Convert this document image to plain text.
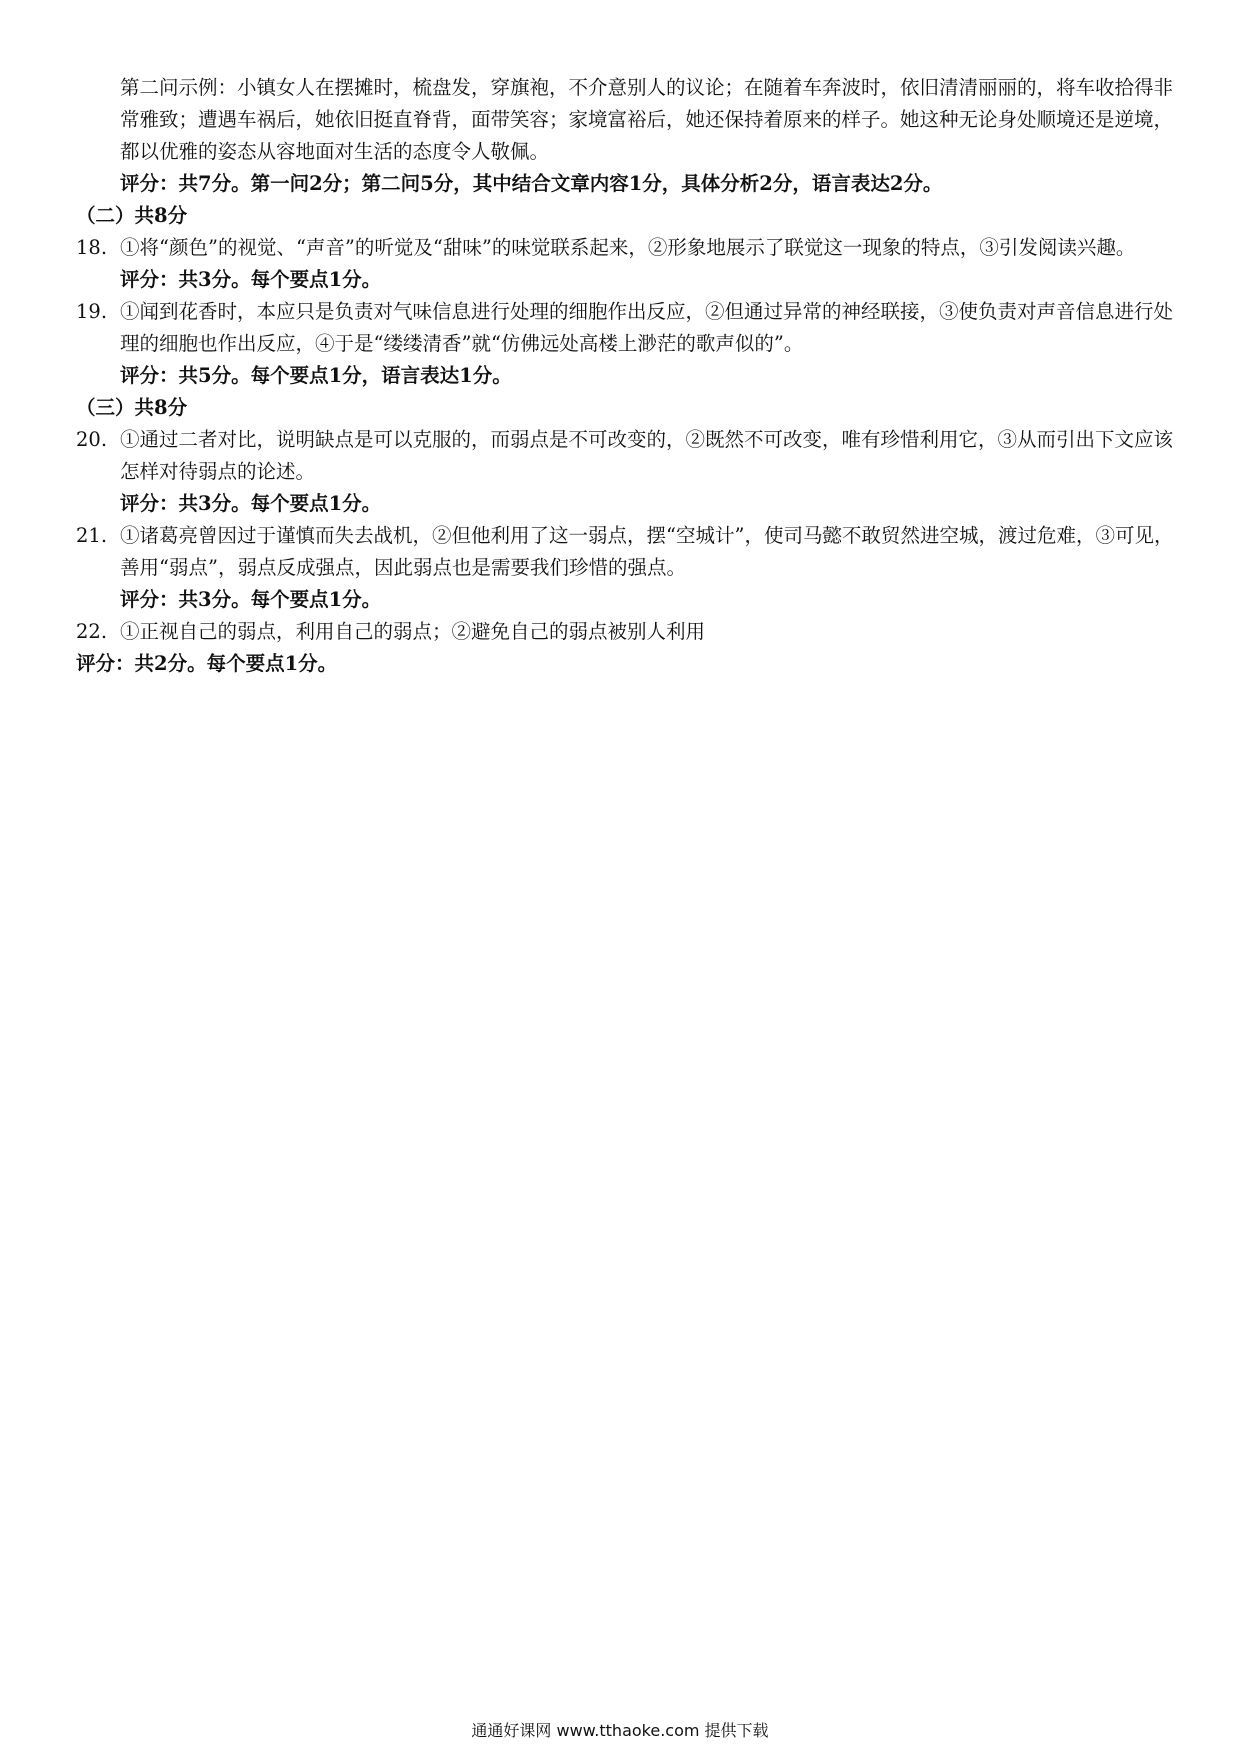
第二问示例：小镇女人在摆摊时，梳盘发，穿旗袍，不介意别人的议论；在随着车奔波时，依旧清清丽丽的，将车收拾得非常雅致；遭遇车祸后，她依旧挺直脊背，面带笑容；家境富裕后，她还保持着原来的样子。她这种无论身处顺境还是逆境，都以优雅的姿态从容地面对生活的态度令人敬佩。

评分：共7分。第一问2分；第二问5分，其中结合文章内容1分，具体分析2分，语言表达2分。

（二）共8分

18. ①将“颜色”的视觉、“声音”的听觉及“甜味”的味觉联系起来，②形象地展示了联觉这一现象的特点，③引发阅读兴趣。

评分：共3分。每个要点1分。

19. ①闻到花香时，本应只是负责对气味信息进行处理的细胞作出反应，②但通过异常的神经联接，③使负责对声音信息进行处理的细胞也作出反应，④于是“缕缕清香”就“仿佛远处高楼上渺茫的歌声似的”。

评分：共5分。每个要点1分，语言表达1分。

（三）共8分

20. ①通过二者对比，说明缺点是可以克服的，而弱点是不可改变的，②既然不可改变，唯有珍惜利用它，③从而引出下文应该怎样对待弱点的论述。

评分：共3分。每个要点1分。

21. ①诸葛亮曾因过于谨慎而失去战机，②但他利用了这一弱点，摆“空城计”，使司马懿不敢贸然进空城，渡过危难，③可见，善用“弱点”，弱点反成强点，因此弱点也是需要我们珍惜的强点。

评分：共3分。每个要点1分。

22. ①正视自己的弱点，利用自己的弱点；②避免自己的弱点被别人利用

评分：共2分。每个要点1分。

通通好课网 www.tthaoke.com 提供下载
